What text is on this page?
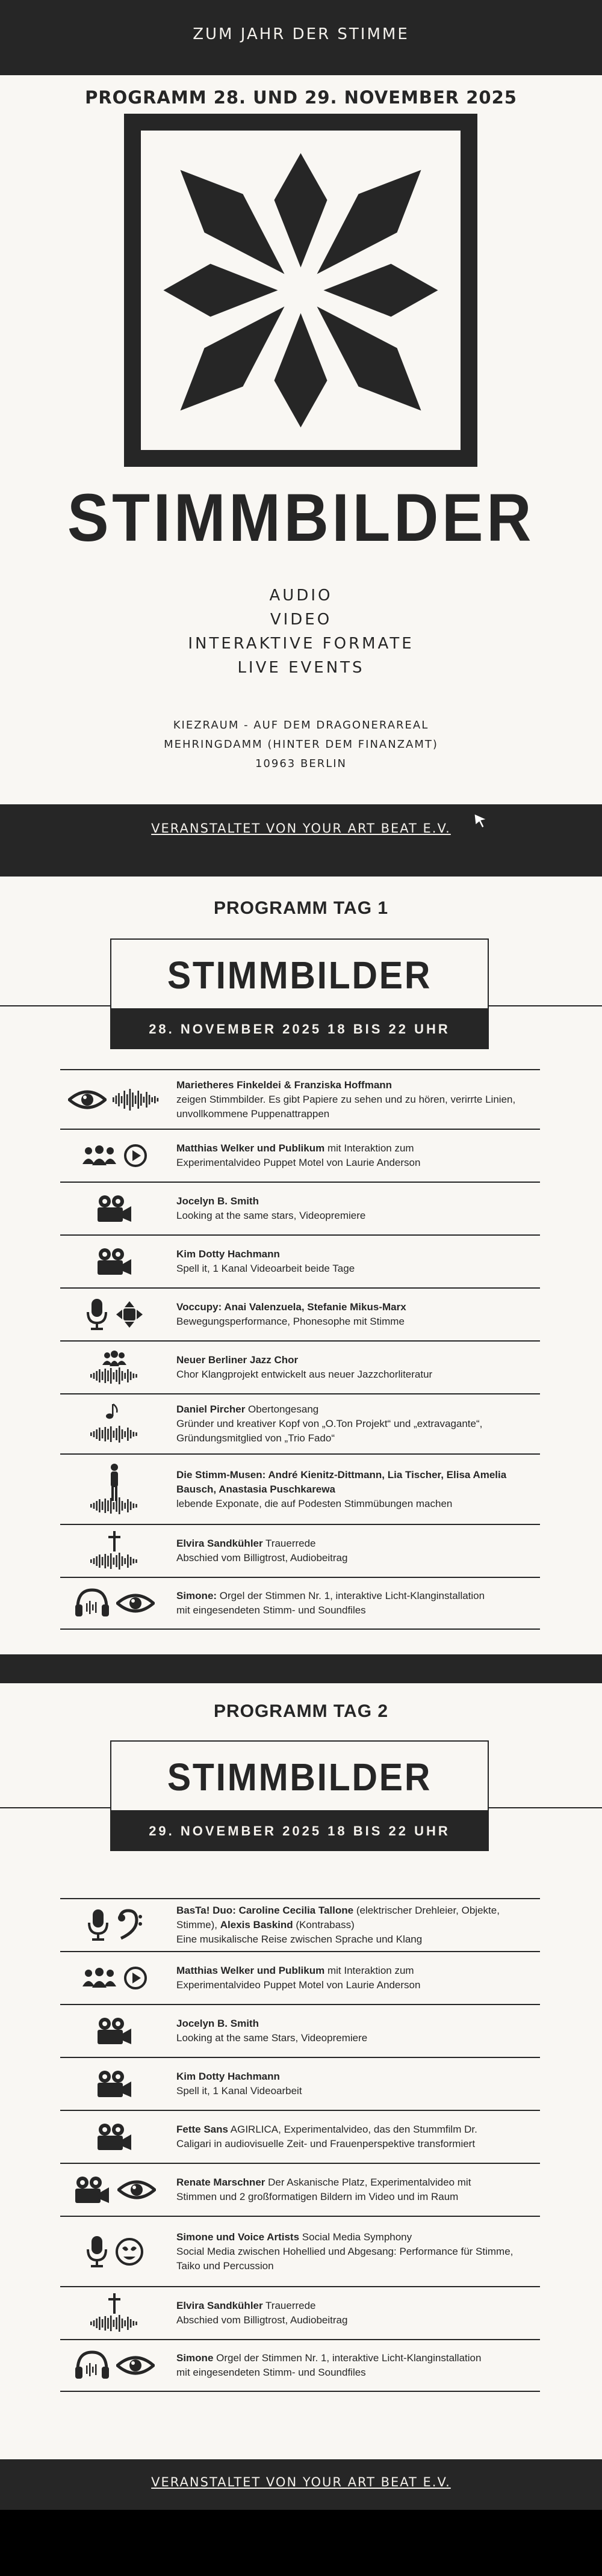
ZUM JAHR DER STIMME
PROGRAMM 28. UND 29. NOVEMBER 2025
STIMMBILDER
AUDIO
VIDEO
INTERAKTIVE FORMATE
LIVE EVENTS
KIEZRAUM - AUF DEM DRAGONERAREAL
MEHRINGDAMM (HINTER DEM FINANZAMT)
10963 BERLIN
VERANSTALTET VON YOUR ART BEAT E.V.
PROGRAMM TAG 1
STIMMBILDER
28. NOVEMBER 2025 18 BIS 22 UHR
Marietheres Finkeldei & Franziska Hoffmann
zeigen Stimmbilder. Es gibt Papiere zu sehen und zu hören, verirrte Linien, unvollkommene Puppenattrappen
Matthias Welker und Publikum mit Interaktion zum
Experimentalvideo Puppet Motel von Laurie Anderson
Jocelyn B. Smith
Looking at the same stars, Videopremiere
Kim Dotty Hachmann
Spell it, 1 Kanal Videoarbeit beide Tage
Voccupy: Anai Valenzuela, Stefanie Mikus-Marx
Bewegungsperformance, Phonesophe mit Stimme
Neuer Berliner Jazz Chor
Chor Klangprojekt entwickelt aus neuer Jazzchorliteratur
Daniel Pircher Obertongesang
Gründer und kreativer Kopf von „O.Ton Projekt“ und „extravagante“, Gründungsmitglied von „Trio Fado“
Die Stimm-Musen: André Kienitz-Dittmann, Lia Tischer, Elisa Amelia Bausch, Anastasia Puschkarewa
lebende Exponate, die auf Podesten Stimmübungen machen
Elvira Sandkühler Trauerrede
Abschied vom Billigtrost, Audiobeitrag
Simone: Orgel der Stimmen Nr. 1, interaktive Licht-Klanginstallation
mit eingesendeten Stimm- und Soundfiles
PROGRAMM TAG 2
STIMMBILDER
29. NOVEMBER 2025 18 BIS 22 UHR
BasTa! Duo: Caroline Cecilia Tallone (elektrischer Drehleier, Objekte, Stimme), Alexis Baskind (Kontrabass)
Eine musikalische Reise zwischen Sprache und Klang
Matthias Welker und Publikum mit Interaktion zum
Experimentalvideo Puppet Motel von Laurie Anderson
Jocelyn B. Smith
Looking at the same Stars, Videopremiere
Kim Dotty Hachmann
Spell it, 1 Kanal Videoarbeit
Fette Sans AGIRLICA, Experimentalvideo, das den Stummfilm Dr.
Caligari in audiovisuelle Zeit- und Frauenperspektive transformiert
Renate Marschner Der Askanische Platz, Experimentalvideo mit
Stimmen und 2 großformatigen Bildern im Video und im Raum
Simone und Voice Artists Social Media Symphony
Social Media zwischen Hohellied und Abgesang: Performance für Stimme, Taiko und Percussion
Elvira Sandkühler Trauerrede
Abschied vom Billigtrost, Audiobeitrag
Simone Orgel der Stimmen Nr. 1, interaktive Licht-Klanginstallation
mit eingesendeten Stimm- und Soundfiles
VERANSTALTET VON YOUR ART BEAT E.V.
